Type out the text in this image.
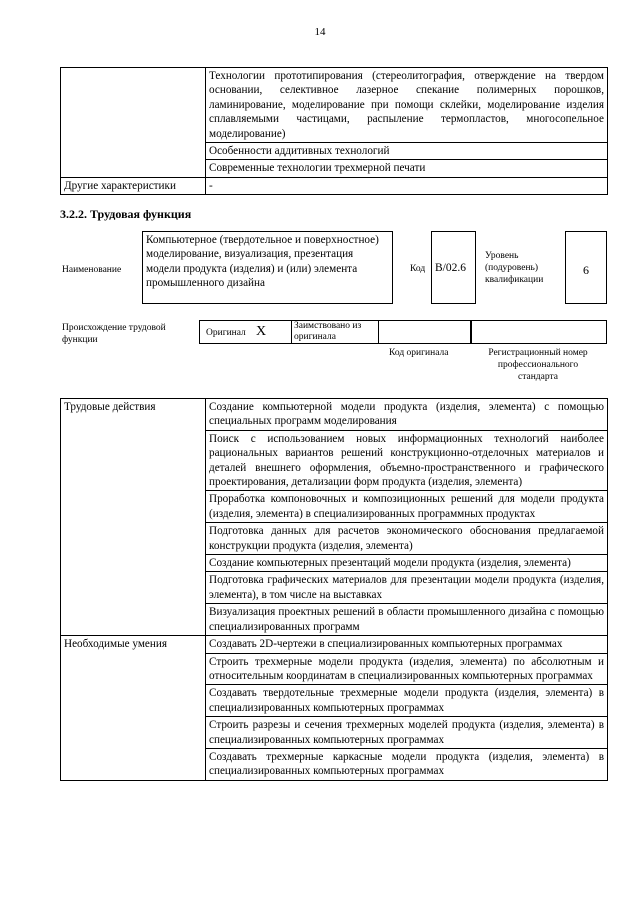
14
	Технологии прототипирования (стереолитография, отверждение на твердом основании, селективное лазерное спекание полимерных порошков, ламинирование, моделирование при помощи склейки, моделирование изделия сплавляемыми частицами, распыление термопластов, многосопельное моделирование)
	Особенности аддитивных технологий
	Современные технологии трехмерной печати
Другие характеристики	-
3.2.2. Трудовая функция
Наименование
Компьютерное (твердотельное и поверхностное) моделирование, визуализация, презентация модели продукта (изделия) и (или) элемента промышленного дизайна
Код B/02.6
Уровень (подуровень) квалификации
6
Происхождение трудовой функции
Оригинал X	Заимствовано из оригинала
Код оригинала	Регистрационный номер профессионального стандарта
Трудовые действия	Создание компьютерной модели продукта (изделия, элемента) с помощью специальных программ моделирования
	Поиск с использованием новых информационных технологий наиболее рациональных вариантов решений конструкционно-отделочных материалов и деталей внешнего оформления, объемно-пространственного и графического проектирования, детализации форм продукта (изделия, элемента)
	Проработка компоновочных и композиционных решений для модели продукта (изделия, элемента) в специализированных программных продуктах
	Подготовка данных для расчетов экономического обоснования предлагаемой конструкции продукта (изделия, элемента)
	Создание компьютерных презентаций модели продукта (изделия, элемента)
	Подготовка графических материалов для презентации модели продукта (изделия, элемента), в том числе на выставках
	Визуализация проектных решений в области промышленного дизайна с помощью специализированных программ
Необходимые умения	Создавать 2D-чертежи в специализированных компьютерных программах
	Строить трехмерные модели продукта (изделия, элемента) по абсолютным и относительным координатам в специализированных компьютерных программах
	Создавать твердотельные трехмерные модели продукта (изделия, элемента) в специализированных компьютерных программах
	Строить разрезы и сечения трехмерных моделей продукта (изделия, элемента) в специализированных компьютерных программах
	Создавать трехмерные каркасные модели продукта (изделия, элемента) в специализированных компьютерных программах
